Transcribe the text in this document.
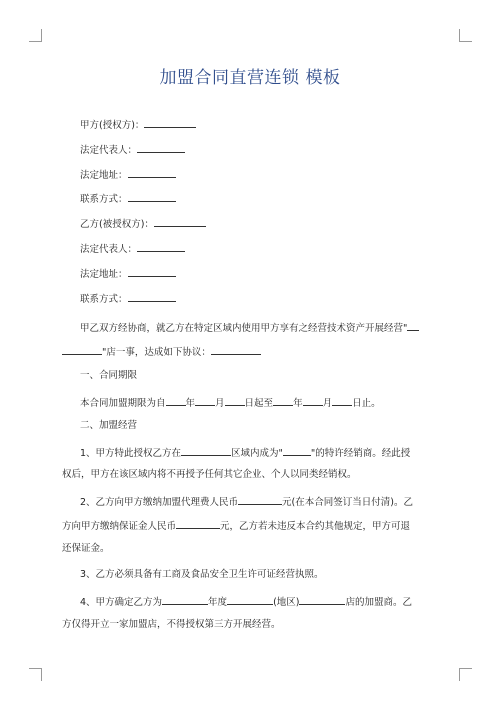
加盟合同直营连锁 模板
甲方(授权方)：
法定代表人：
法定地址：
联系方式：
乙方(被授权方)：
法定代表人：
法定地址：
联系方式：
甲乙双方经协商，就乙方在特定区域内使用甲方享有之经营技术资产开展经营"
"店一事，达成如下协议：
一、合同期限
本合同加盟期限为自 年 月 日起至 年 月 日止。
二、加盟经营
1、甲方特此授权乙方在	区域内成为"	"的特许经销商。经此授
权后，甲方在该区域内将不再授予任何其它企业、个人以同类经销权。
2、乙方向甲方缴纳加盟代理费人民币	元(在本合同签订当日付清)。乙
方向甲方缴纳保证金人民币	元，乙方若未违反本合约其他规定，甲方可退
还保证金。
3、乙方必须具备有工商及食品安全卫生许可证经营执照。
4、甲方确定乙方为	年度	(地区)	店的加盟商。乙
方仅得开立一家加盟店，不得授权第三方开展经营。
